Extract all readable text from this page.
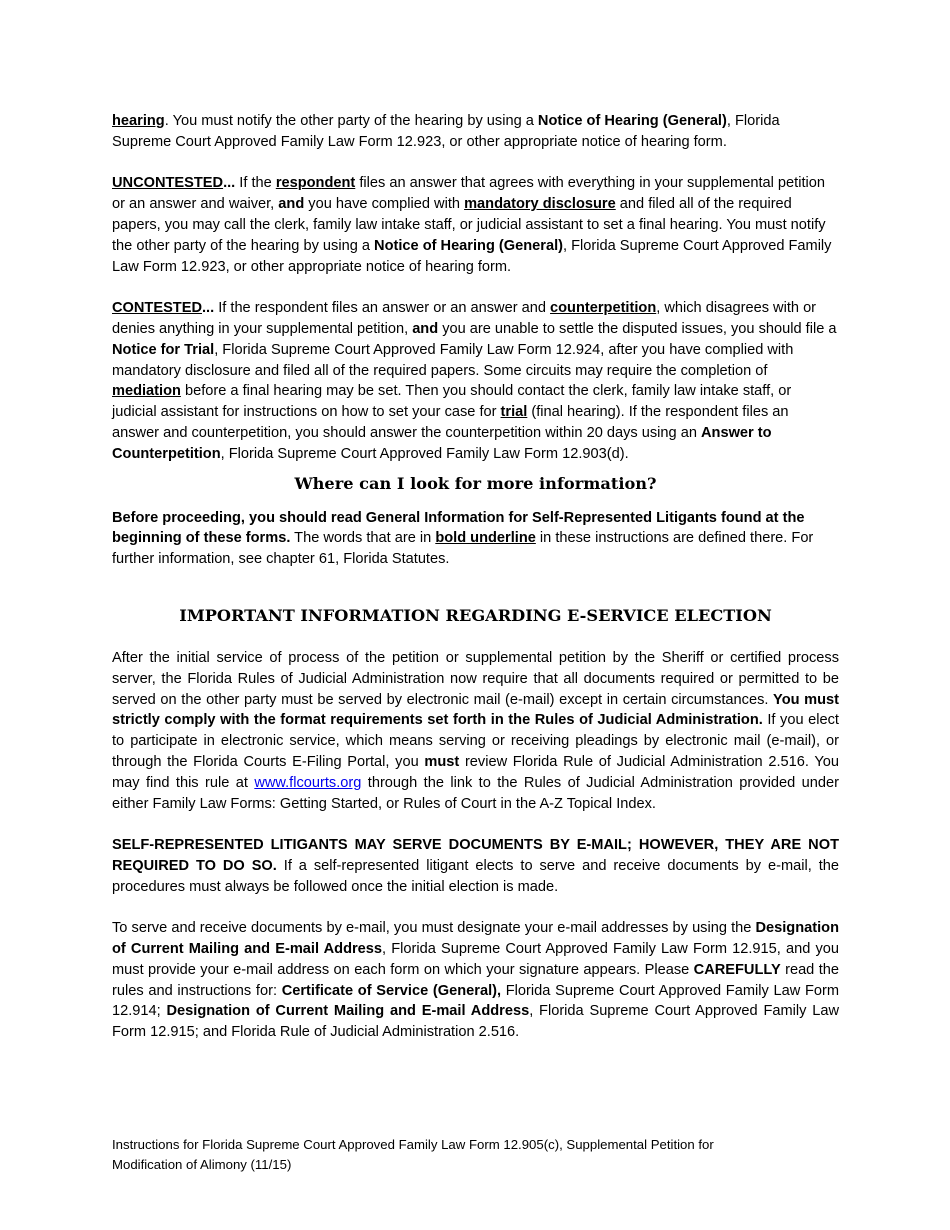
hearing. You must notify the other party of the hearing by using a Notice of Hearing (General), Florida Supreme Court Approved Family Law Form 12.923, or other appropriate notice of hearing form.

UNCONTESTED... If the respondent files an answer that agrees with everything in your supplemental petition or an answer and waiver, and you have complied with mandatory disclosure and filed all of the required papers, you may call the clerk, family law intake staff, or judicial assistant to set a final hearing. You must notify the other party of the hearing by using a Notice of Hearing (General), Florida Supreme Court Approved Family Law Form 12.923, or other appropriate notice of hearing form.

CONTESTED... If the respondent files an answer or an answer and counterpetition, which disagrees with or denies anything in your supplemental petition, and you are unable to settle the disputed issues, you should file a Notice for Trial, Florida Supreme Court Approved Family Law Form 12.924, after you have complied with mandatory disclosure and filed all of the required papers. Some circuits may require the completion of mediation before a final hearing may be set. Then you should contact the clerk, family law intake staff, or judicial assistant for instructions on how to set your case for trial (final hearing). If the respondent files an answer and counterpetition, you should answer the counterpetition within 20 days using an Answer to Counterpetition, Florida Supreme Court Approved Family Law Form 12.903(d).

Where can I look for more information?

Before proceeding, you should read General Information for Self-Represented Litigants found at the beginning of these forms. The words that are in bold underline in these instructions are defined there. For further information, see chapter 61, Florida Statutes.

IMPORTANT INFORMATION REGARDING E-SERVICE ELECTION

After the initial service of process of the petition or supplemental petition by the Sheriff or certified process server, the Florida Rules of Judicial Administration now require that all documents required or permitted to be served on the other party must be served by electronic mail (e-mail) except in certain circumstances. You must strictly comply with the format requirements set forth in the Rules of Judicial Administration. If you elect to participate in electronic service, which means serving or receiving pleadings by electronic mail (e-mail), or through the Florida Courts E-Filing Portal, you must review Florida Rule of Judicial Administration 2.516. You may find this rule at www.flcourts.org through the link to the Rules of Judicial Administration provided under either Family Law Forms: Getting Started, or Rules of Court in the A-Z Topical Index.

SELF-REPRESENTED LITIGANTS MAY SERVE DOCUMENTS BY E-MAIL; HOWEVER, THEY ARE NOT REQUIRED TO DO SO. If a self-represented litigant elects to serve and receive documents by e-mail, the procedures must always be followed once the initial election is made.

To serve and receive documents by e-mail, you must designate your e-mail addresses by using the Designation of Current Mailing and E-mail Address, Florida Supreme Court Approved Family Law Form 12.915, and you must provide your e-mail address on each form on which your signature appears. Please CAREFULLY read the rules and instructions for: Certificate of Service (General), Florida Supreme Court Approved Family Law Form 12.914; Designation of Current Mailing and E-mail Address, Florida Supreme Court Approved Family Law Form 12.915; and Florida Rule of Judicial Administration 2.516.

Instructions for Florida Supreme Court Approved Family Law Form 12.905(c), Supplemental Petition for
Modification of Alimony (11/15)
